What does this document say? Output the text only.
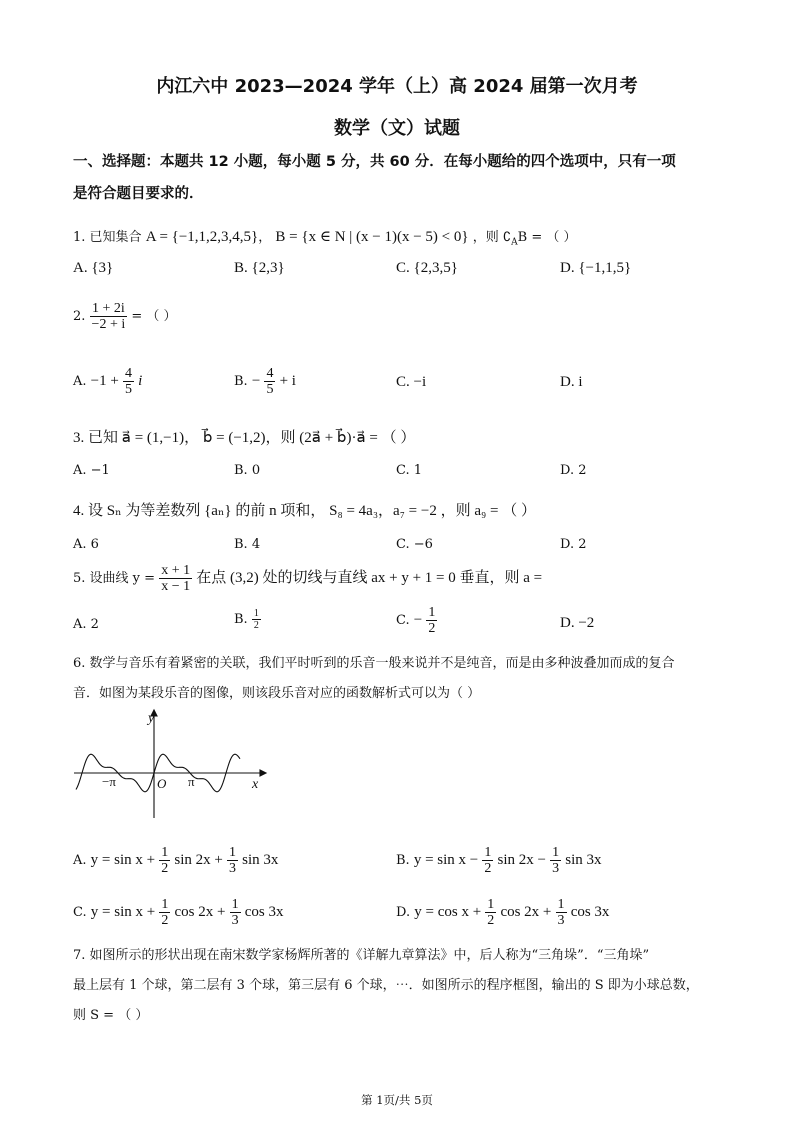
内江六中 2023—2024 学年（上）高 2024 届第一次月考
数学（文）试题
一、选择题：本题共 12 小题，每小题 5 分，共 60 分．在每小题给的四个选项中，只有一项
是符合题目要求的．
1. 已知集合 A = {−1,1,2,3,4,5}， B = {x ∈ N | (x − 1)(x − 5) < 0} ，则 $∁_AB$ = （ ）
A. {3}	B. {2,3}	C. {2,3,5}	D. {−1,1,5}
2. $\frac{1 + 2i}{-2 + i}$ = （ ）
A. $-1 + \frac{4}{5}$ i	B. − $\frac{4}{5} + i$	C. −i	D. i
3. 已知 a⃗ = (1,−1)， b⃗ = (−1,2)，则 (2a⃗ + b⃗)·a⃗ = （ ）
A. −1	B. 0	C. 1	D. 2
4. 设 Sₙ 为等差数列 {aₙ} 的前 n 项和， S₈ = 4a₃，a₇ = −2 ，则 a₉ = （ ）
A. 6	B. 4	C. −6	D. 2
5. 设曲线 $y = \frac{x + 1}{x - 1}$ 在点 (3,2) 处的切线与直线 ax + y + 1 = 0 垂直，则 a =
A. 2	B. $\frac{1}{2}$	C. − $\frac{1}{2}$	D. −2
6. 数学与音乐有着紧密的关联，我们平时听到的乐音一般来说并不是纯音，而是由多种波叠加而成的复合
音．如图为某段乐音的图像，则该段乐音对应的函数解析式可以为（ ）
y
x
O
−π	π
A. $y = \sin x + \frac{1}{2}$ $\sin 2x + \frac{1}{3}$ sin 3x	B. $y = \sin x - \frac{1}{2}$ $\sin 2x - \frac{1}{3}$ sin 3x
C. $y = \sin x + \frac{1}{2}$ $\cos 2x + \frac{1}{3}$ cos 3x	D. $y = \cos x + \frac{1}{2}$ $\cos 2x + \frac{1}{3}$ cos 3x
7. 如图所示的形状出现在南宋数学家杨辉所著的《详解九章算法》中，后人称为“三角垛”．“三角垛”
最上层有 1 个球，第二层有 3 个球，第三层有 6 个球，⋯．如图所示的程序框图，输出的 S 即为小球总数，
则 S = （ ）
第 1页/共 5页
